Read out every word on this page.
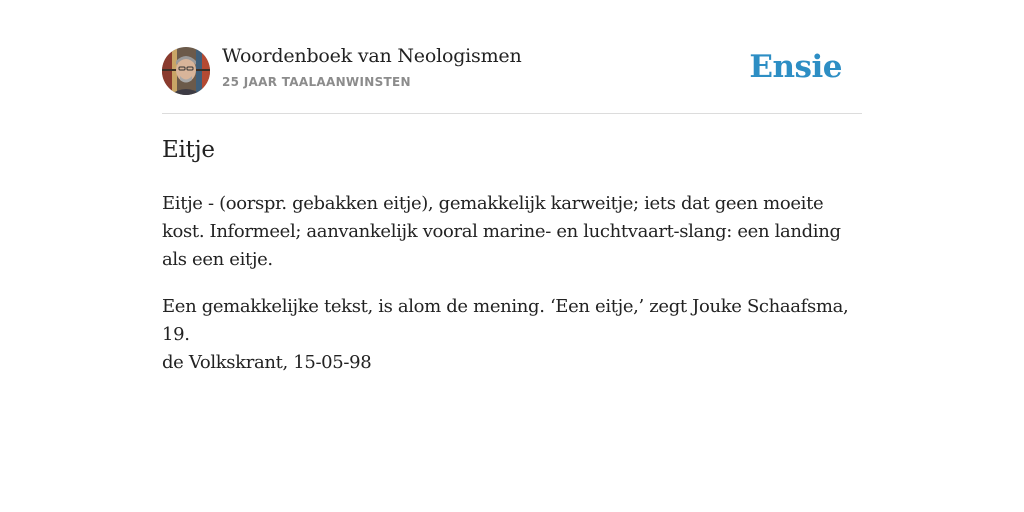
Woordenboek van Neologismen
25 JAAR TAALAANWINSTEN	Ensie
Eitje

Eitje - (oorspr. gebakken eitje), gemakkelijk karweitje; iets dat geen moeite kost. Informeel; aanvankelijk vooral marine- en luchtvaart-slang: een landing als een eitje.

Een gemakkelijke tekst, is alom de mening. ‘Een eitje,’ zegt Jouke Schaafsma, 19.
de Volkskrant, 15-05-98
